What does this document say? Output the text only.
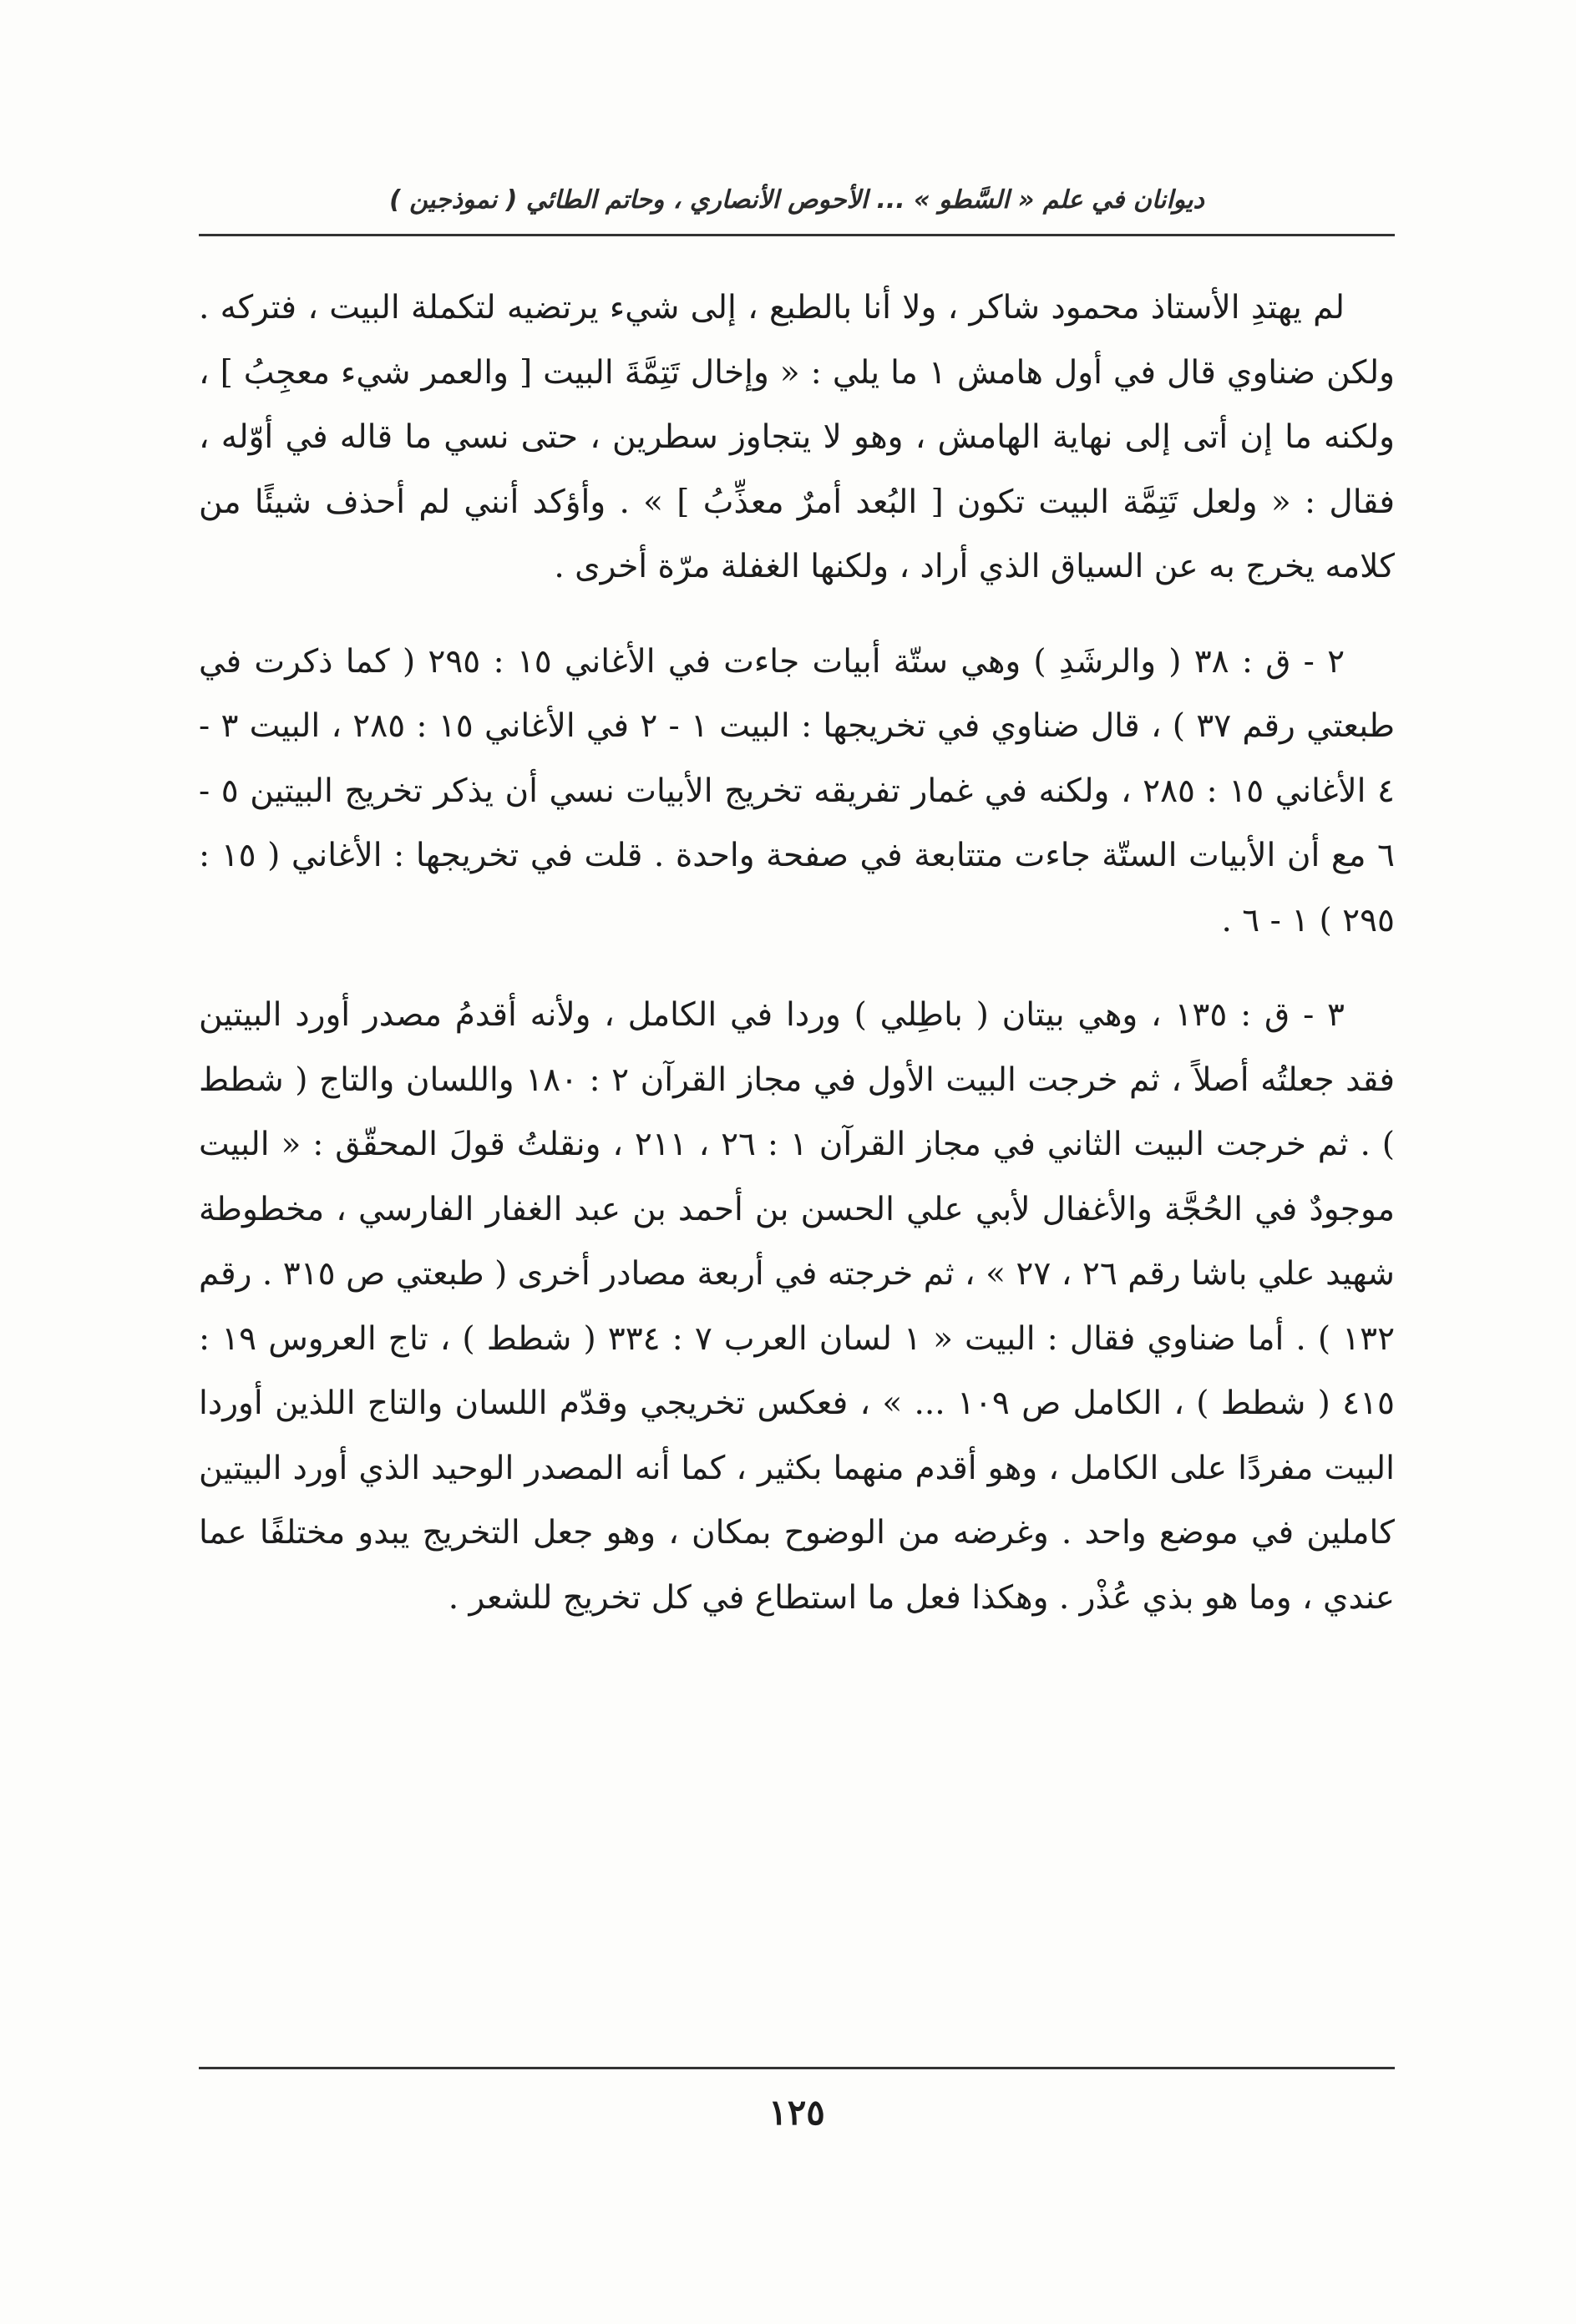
ديوانان في علم « السَّطو » ... الأحوص الأنصاري ، وحاتم الطائي ( نموذجين )

لم يهتدِ الأستاذ محمود شاكر ، ولا أنا بالطبع ، إلى شيء يرتضيه لتكملة البيت ، فتركه . ولكن ضناوي قال في أول هامش ١ ما يلي : « وإخال تَتِمَّةَ البيت [ والعمر شيء معجِبُ ] ، ولكنه ما إن أتى إلى نهاية الهامش ، وهو لا يتجاوز سطرين ، حتى نسي ما قاله في أوّله ، فقال : « ولعل تَتِمَّة البيت تكون [ البُعد أمرٌ معذِّبُ ] » . وأؤكد أنني لم أحذف شيئًا من كلامه يخرج به عن السياق الذي أراد ، ولكنها الغفلة مرّة أخرى .

٢ - ق : ٣٨ ( والرشَدِ ) وهي ستّة أبيات جاءت في الأغاني ١٥ : ٢٩٥ ( كما ذكرت في طبعتي رقم ٣٧ ) ، قال ضناوي في تخريجها : البيت ١ - ٢ في الأغاني ١٥ : ٢٨٥ ، البيت ٣ - ٤ الأغاني ١٥ : ٢٨٥ ، ولكنه في غمار تفريقه تخريج الأبيات نسي أن يذكر تخريج البيتين ٥ - ٦ مع أن الأبيات الستّة جاءت متتابعة في صفحة واحدة . قلت في تخريجها : الأغاني ( ١٥ : ٢٩٥ ) ١ - ٦ .

٣ - ق : ١٣٥ ، وهي بيتان ( باطِلي ) وردا في الكامل ، ولأنه أقدمُ مصدر أورد البيتين فقد جعلتُه أصلاً ، ثم خرجت البيت الأول في مجاز القرآن ٢ : ١٨٠ واللسان والتاج ( شطط ) . ثم خرجت البيت الثاني في مجاز القرآن ١ : ٢٦ ، ٢١١ ، ونقلتُ قولَ المحقّق : « البيت موجودٌ في الحُجَّة والأغفال لأبي علي الحسن بن أحمد بن عبد الغفار الفارسي ، مخطوطة شهيد علي باشا رقم ٢٦ ، ٢٧ » ، ثم خرجته في أربعة مصادر أخرى ( طبعتي ص ٣١٥ . رقم ١٣٢ ) . أما ضناوي فقال : البيت « ١ لسان العرب ٧ : ٣٣٤ ( شطط ) ، تاج العروس ١٩ : ٤١٥ ( شطط ) ، الكامل ص ١٠٩ ... » ، فعكس تخريجي وقدّم اللسان والتاج اللذين أوردا البيت مفردًا على الكامل ، وهو أقدم منهما بكثير ، كما أنه المصدر الوحيد الذي أورد البيتين كاملين في موضع واحد . وغرضه من الوضوح بمكان ، وهو جعل التخريج يبدو مختلفًا عما عندي ، وما هو بذي عُذْر . وهكذا فعل ما استطاع في كل تخريج للشعر .

١٢٥
